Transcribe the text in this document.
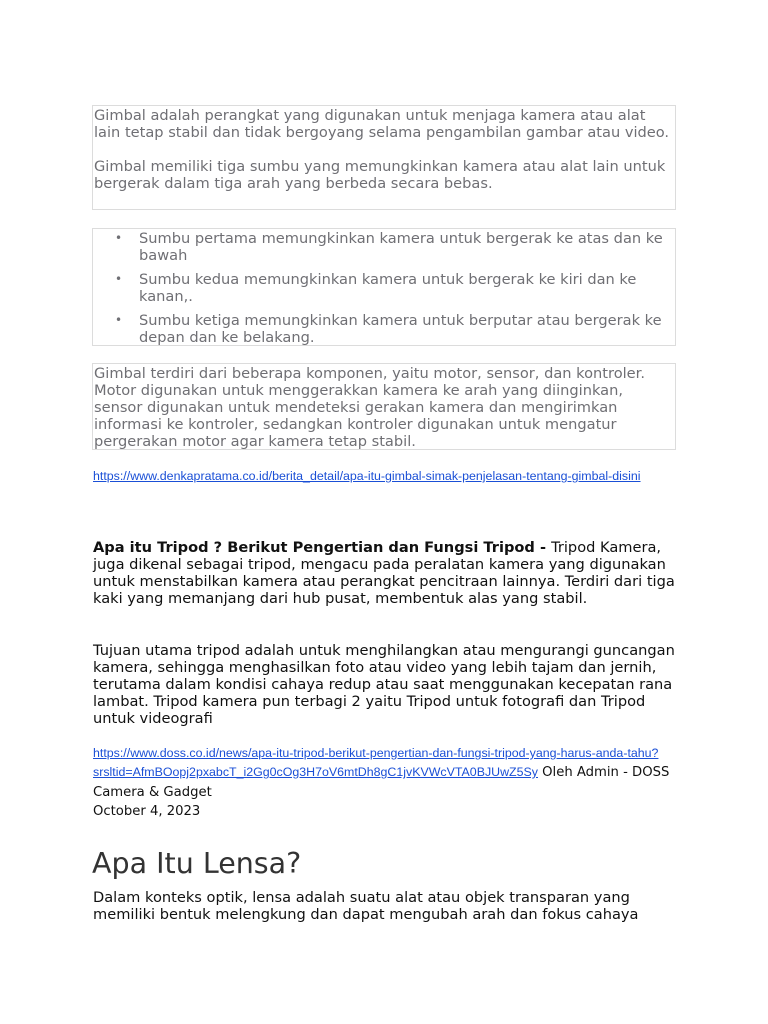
Gimbal adalah perangkat yang digunakan untuk menjaga kamera atau alat lain tetap stabil dan tidak bergoyang selama pengambilan gambar atau video.

Gimbal memiliki tiga sumbu yang memungkinkan kamera atau alat lain untuk bergerak dalam tiga arah yang berbeda secara bebas.

• Sumbu pertama memungkinkan kamera untuk bergerak ke atas dan ke bawah
• Sumbu kedua memungkinkan kamera untuk bergerak ke kiri dan ke kanan,.
• Sumbu ketiga memungkinkan kamera untuk berputar atau bergerak ke depan dan ke belakang.

Gimbal terdiri dari beberapa komponen, yaitu motor, sensor, dan kontroler. Motor digunakan untuk menggerakkan kamera ke arah yang diinginkan, sensor digunakan untuk mendeteksi gerakan kamera dan mengirimkan informasi ke kontroler, sedangkan kontroler digunakan untuk mengatur pergerakan motor agar kamera tetap stabil.

https://www.denkapratama.co.id/berita_detail/apa-itu-gimbal-simak-penjelasan-tentang-gimbal-disini

Apa itu Tripod ? Berikut Pengertian dan Fungsi Tripod - Tripod Kamera, juga dikenal sebagai tripod, mengacu pada peralatan kamera yang digunakan untuk menstabilkan kamera atau perangkat pencitraan lainnya. Terdiri dari tiga kaki yang memanjang dari hub pusat, membentuk alas yang stabil.

Tujuan utama tripod adalah untuk menghilangkan atau mengurangi guncangan kamera, sehingga menghasilkan foto atau video yang lebih tajam dan jernih, terutama dalam kondisi cahaya redup atau saat menggunakan kecepatan rana lambat. Tripod kamera pun terbagi 2 yaitu Tripod untuk fotografi dan Tripod untuk videografi

https://www.doss.co.id/news/apa-itu-tripod-berikut-pengertian-dan-fungsi-tripod-yang-harus-anda-tahu?srsltid=AfmBOopj2pxabcT_i2Gg0cOg3H7oV6mtDh8gC1jvKVWcVTA0BJUwZ5Sy Oleh Admin - DOSS Camera & Gadget
October 4, 2023
Apa Itu Lensa?

Dalam konteks optik, lensa adalah suatu alat atau objek transparan yang memiliki bentuk melengkung dan dapat mengubah arah dan fokus cahaya
